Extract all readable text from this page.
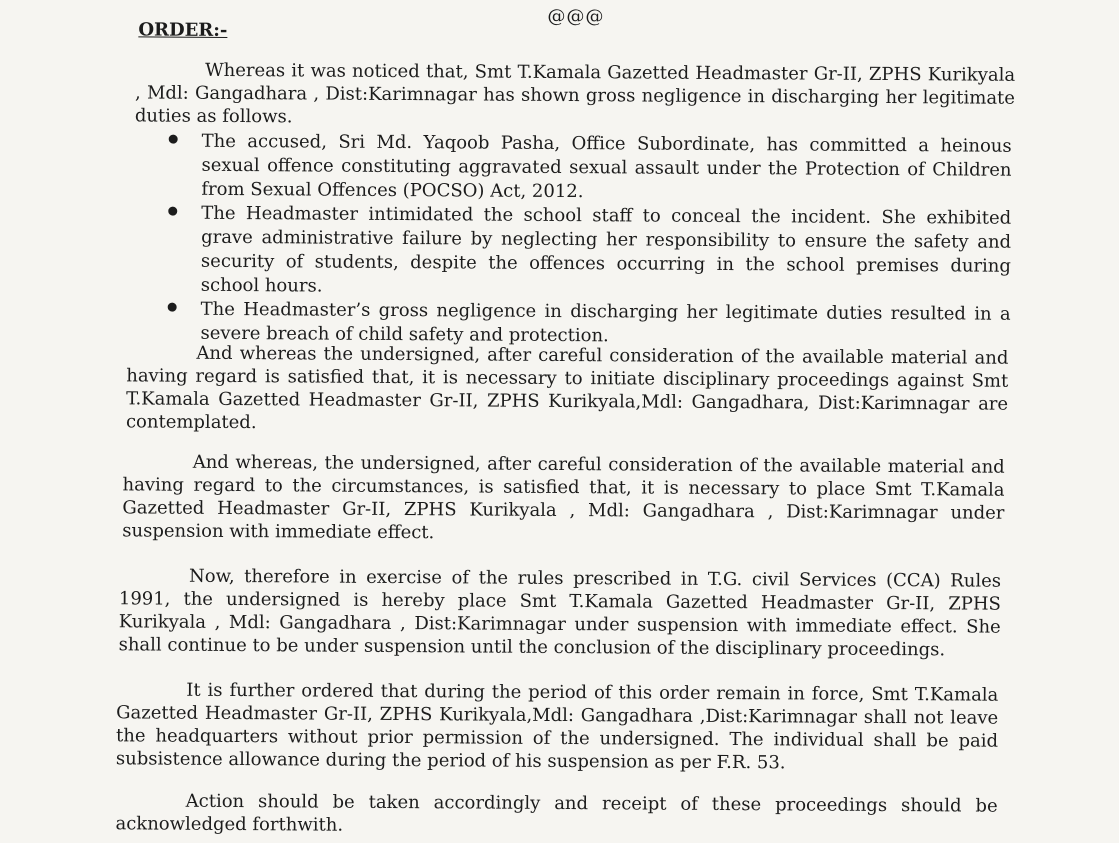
@@@
ORDER:-

Whereas it was noticed that, Smt T.Kamala Gazetted Headmaster Gr-II, ZPHS Kurikyala , Mdl: Gangadhara , Dist:Karimnagar has shown gross negligence in discharging her legitimate duties as follows.

The accused, Sri Md. Yaqoob Pasha, Office Subordinate, has committed a heinous sexual offence constituting aggravated sexual assault under the Protection of Children from Sexual Offences (POCSO) Act, 2012.
The Headmaster intimidated the school staff to conceal the incident. She exhibited grave administrative failure by neglecting her responsibility to ensure the safety and security of students, despite the offences occurring in the school premises during school hours.
The Headmaster’s gross negligence in discharging her legitimate duties resulted in a severe breach of child safety and protection.

And whereas the undersigned, after careful consideration of the available material and having regard is satisfied that, it is necessary to initiate disciplinary proceedings against Smt T.Kamala Gazetted Headmaster Gr-II, ZPHS Kurikyala,Mdl: Gangadhara, Dist:Karimnagar are contemplated.

And whereas, the undersigned, after careful consideration of the available material and having regard to the circumstances, is satisfied that, it is necessary to place Smt T.Kamala Gazetted Headmaster Gr-II, ZPHS Kurikyala , Mdl: Gangadhara , Dist:Karimnagar under suspension with immediate effect.

Now, therefore in exercise of the rules prescribed in T.G. civil Services (CCA) Rules 1991, the undersigned is hereby place Smt T.Kamala Gazetted Headmaster Gr-II, ZPHS Kurikyala , Mdl: Gangadhara , Dist:Karimnagar under suspension with immediate effect. She shall continue to be under suspension until the conclusion of the disciplinary proceedings.

It is further ordered that during the period of this order remain in force, Smt T.Kamala Gazetted Headmaster Gr-II, ZPHS Kurikyala,Mdl: Gangadhara ,Dist:Karimnagar shall not leave the headquarters without prior permission of the undersigned. The individual shall be paid subsistence allowance during the period of his suspension as per F.R. 53.

Action should be taken accordingly and receipt of these proceedings should be acknowledged forthwith.
